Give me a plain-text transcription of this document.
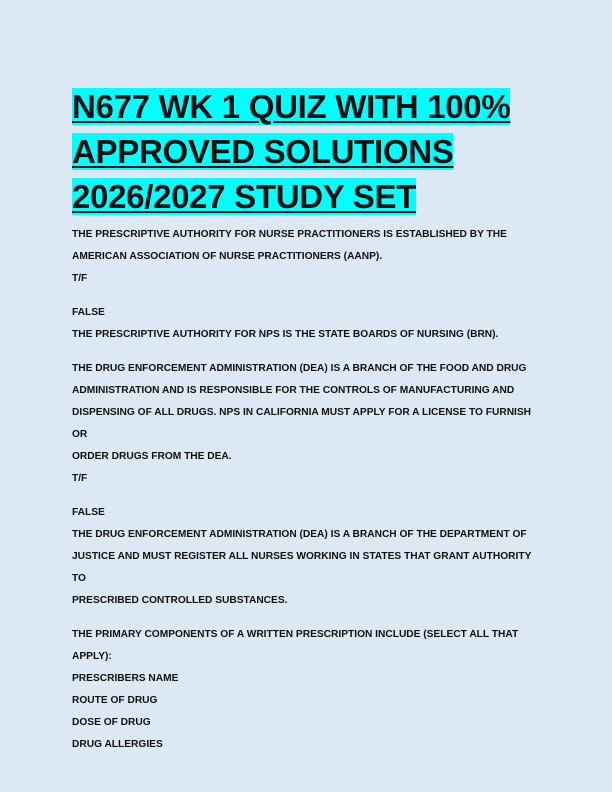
N677 WK 1 QUIZ WITH 100%
APPROVED SOLUTIONS
2026/2027 STUDY SET

THE PRESCRIPTIVE AUTHORITY FOR NURSE PRACTITIONERS IS ESTABLISHED BY THE

AMERICAN ASSOCIATION OF NURSE PRACTITIONERS (AANP).

T/F

FALSE

THE PRESCRIPTIVE AUTHORITY FOR NPS IS THE STATE BOARDS OF NURSING (BRN).

THE DRUG ENFORCEMENT ADMINISTRATION (DEA) IS A BRANCH OF THE FOOD AND DRUG

ADMINISTRATION AND IS RESPONSIBLE FOR THE CONTROLS OF MANUFACTURING AND

DISPENSING OF ALL DRUGS. NPS IN CALIFORNIA MUST APPLY FOR A LICENSE TO FURNISH OR

ORDER DRUGS FROM THE DEA.

T/F

FALSE

THE DRUG ENFORCEMENT ADMINISTRATION (DEA) IS A BRANCH OF THE DEPARTMENT OF

JUSTICE AND MUST REGISTER ALL NURSES WORKING IN STATES THAT GRANT AUTHORITY TO

PRESCRIBED CONTROLLED SUBSTANCES.

THE PRIMARY COMPONENTS OF A WRITTEN PRESCRIPTION INCLUDE (SELECT ALL THAT

APPLY):

PRESCRIBERS NAME

ROUTE OF DRUG

DOSE OF DRUG

DRUG ALLERGIES
